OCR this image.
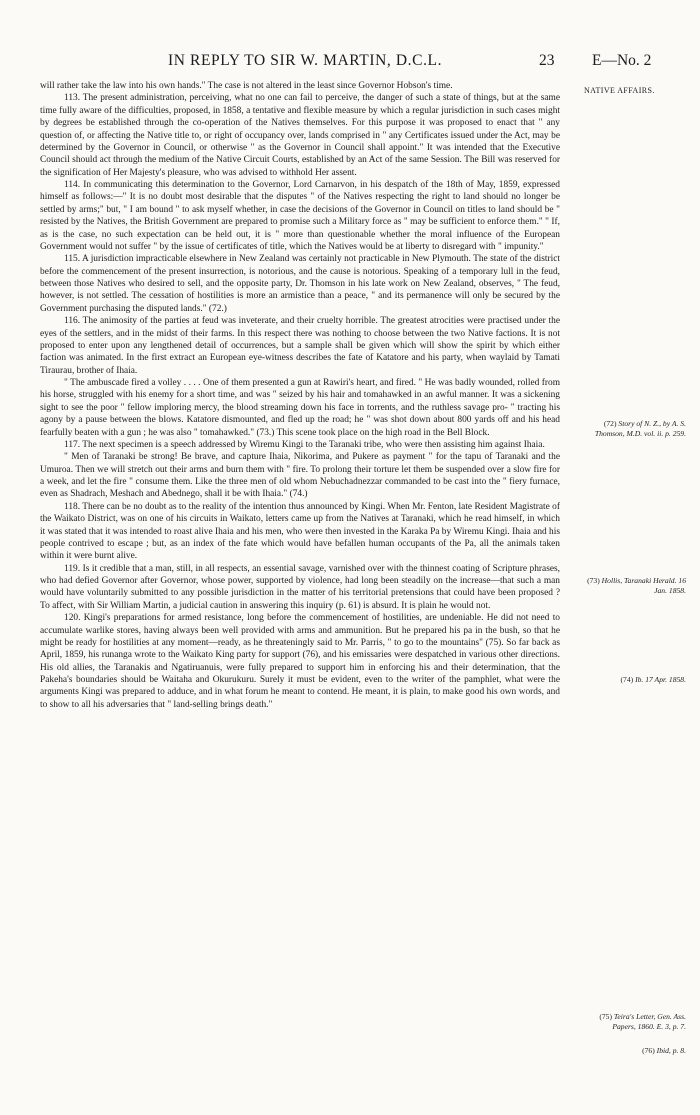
IN REPLY TO SIR W. MARTIN, D.C.L.	23 E—No. 2
NATIVE AFFAIRS.

will rather take the law into his own hands." The case is not altered in the least since Governor Hobson's time.

113. The present administration, perceiving, what no one can fail to perceive, the danger of such a state of things, but at the same time fully aware of the difficulties, proposed, in 1858, a tentative and flexible measure by which a regular jurisdiction in such cases might by degrees be established through the co-operation of the Natives themselves. For this purpose it was proposed to enact that " any question of, or affecting the Native title to, or right of occupancy over, lands comprised in " any Certificates issued under the Act, may be determined by the Governor in Council, or otherwise " as the Governor in Council shall appoint." It was intended that the Executive Council should act through the medium of the Native Circuit Courts, established by an Act of the same Session. The Bill was reserved for the signification of Her Majesty's pleasure, who was advised to withhold Her assent.

114. In communicating this determination to the Governor, Lord Carnarvon, in his despatch of the 18th of May, 1859, expressed himself as follows:—" It is no doubt most desirable that the disputes " of the Natives respecting the right to land should no longer be settled by arms;" but, " I am bound " to ask myself whether, in case the decisions of the Governor in Council on titles to land should be " resisted by the Natives, the British Government are prepared to promise such a Military force as " may be sufficient to enforce them." " If, as is the case, no such expectation can be held out, it is " more than questionable whether the moral influence of the European Government would not suffer " by the issue of certificates of title, which the Natives would be at liberty to disregard with " impunity."

115. A jurisdiction impracticable elsewhere in New Zealand was certainly not practicable in New Plymouth. The state of the district before the commencement of the present insurrection, is notorious, and the cause is notorious. Speaking of a temporary lull in the feud, between those Natives who desired to sell, and the opposite party, Dr. Thomson in his late work on New Zealand, observes, " The feud, however, is not settled. The cessation of hostilities is more an armistice than a peace, " and its permanence will only be secured by the Government purchasing the disputed lands." (72.)

116. The animosity of the parties at feud was inveterate, and their cruelty horrible. The greatest atrocities were practised under the eyes of the settlers, and in the midst of their farms. In this respect there was nothing to choose between the two Native factions. It is not proposed to enter upon any lengthened detail of occurrences, but a sample shall be given which will show the spirit by which either faction was animated. In the first extract an European eye-witness describes the fate of Katatore and his party, when waylaid by Tamati Tiraurau, brother of Ihaia.

" The ambuscade fired a volley . . . . One of them presented a gun at Rawiri's heart, and fired. " He was badly wounded, rolled from his horse, struggled with his enemy for a short time, and was " seized by his hair and tomahawked in an awful manner. It was a sickening sight to see the poor " fellow imploring mercy, the blood streaming down his face in torrents, and the ruthless savage pro- " tracting his agony by a pause between the blows. Katatore dismounted, and fled up the road; he " was shot down about 800 yards off and his head fearfully beaten with a gun ; he was also " tomahawked." (73.) This scene took place on the high road in the Bell Block.

117. The next specimen is a speech addressed by Wiremu Kingi to the Taranaki tribe, who were then assisting him against Ihaia.

" Men of Taranaki be strong! Be brave, and capture Ihaia, Nikorima, and Pukere as payment " for the tapu of Taranaki and the Umuroa. Then we will stretch out their arms and burn them with " fire. To prolong their torture let them be suspended over a slow fire for a week, and let the fire " consume them. Like the three men of old whom Nebuchadnezzar commanded to be cast into the " fiery furnace, even as Shadrach, Meshach and Abednego, shall it be with Ihaia." (74.)

118. There can be no doubt as to the reality of the intention thus announced by Kingi. When Mr. Fenton, late Resident Magistrate of the Waikato District, was on one of his circuits in Waikato, letters came up from the Natives at Taranaki, which he read himself, in which it was stated that it was intended to roast alive Ihaia and his men, who were then invested in the Karaka Pa by Wiremu Kingi. Ihaia and his people contrived to escape ; but, as an index of the fate which would have befallen human occupants of the Pa, all the animals taken within it were burnt alive.

119. Is it credible that a man, still, in all respects, an essential savage, varnished over with the thinnest coating of Scripture phrases, who had defied Governor after Governor, whose power, supported by violence, had long been steadily on the increase—that such a man would have voluntarily submitted to any possible jurisdiction in the matter of his territorial pretensions that could have been proposed ? To affect, with Sir William Martin, a judicial caution in answering this inquiry (p. 61) is absurd. It is plain he would not.

120. Kingi's preparations for armed resistance, long before the commencement of hostilities, are undeniable. He did not need to accumulate warlike stores, having always been well provided with arms and ammunition. But he prepared his pa in the bush, so that he might be ready for hostilities at any moment—ready, as he threateningly said to Mr. Parris, " to go to the mountains" (75). So far back as April, 1859, his runanga wrote to the Waikato King party for support (76), and his emissaries were despatched in various other directions. His old allies, the Taranakis and Ngatiruanuis, were fully prepared to support him in enforcing his and their determination, that the Pakeha's boundaries should be Waitaha and Okurukuru. Surely it must be evident, even to the writer of the pamphlet, what were the arguments Kingi was prepared to adduce, and in what forum he meant to contend. He meant, it is plain, to make good his own words, and to show to all his adversaries that " land-selling brings death."

(72) Story of N. Z., by A. S. Thomson, M.D. vol. ii. p. 259.
(73) Hollis, Taranaki Herald. 16 Jan. 1858.
(74) Ib. 17 Apr. 1858.
(75) Teira's Letter, Gen. Ass. Papers, 1860. E. 3, p. 7.
(76) Ibid, p. 8.
